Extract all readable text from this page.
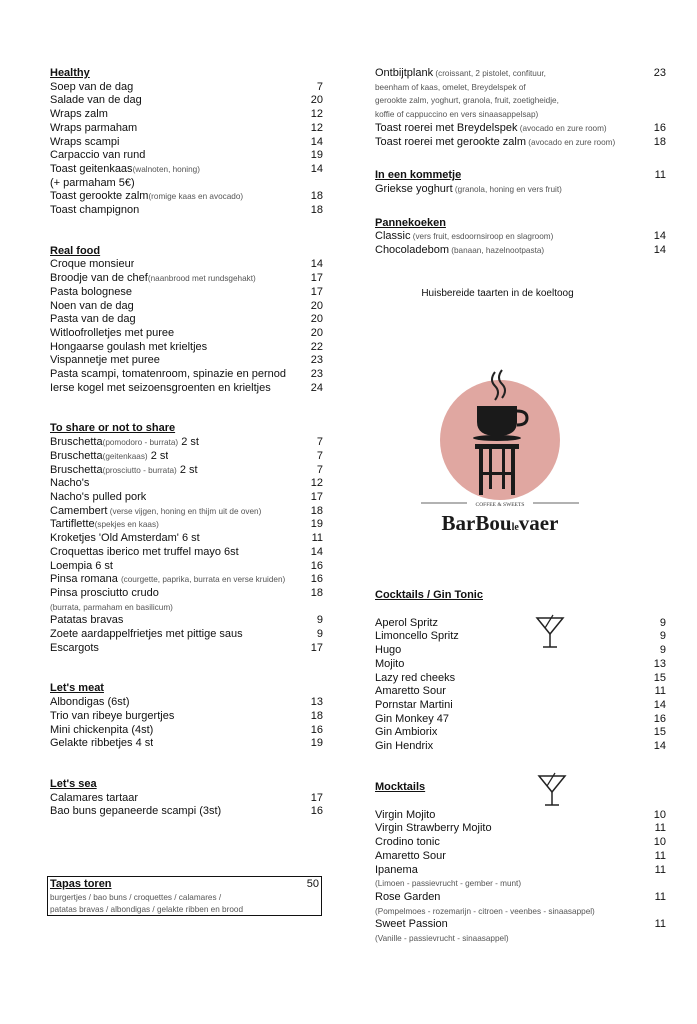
Healthy
Soep van de dag	7
Salade van de dag	20
Wraps zalm	12
Wraps parmaham	12
Wraps scampi	14
Carpaccio van rund	19
Toast geitenkaas(walnoten, honing)	14
(+ parmaham 5€)
Toast gerookte zalm(romige kaas en avocado)	18
Toast champignon	18
Real food
Croque monsieur	14
Broodje van de chef(naanbrood met rundsgehakt)	17
Pasta bolognese	17
Noen van de dag	20
Pasta van de dag	20
Witloofrolletjes met puree	20
Hongaarse goulash met krieltjes	22
Vispannetje met puree	23
Pasta scampi, tomatenroom, spinazie en pernod 23
Ierse kogel met seizoensgroenten en krieltjes	24
To share or not to share
Bruschetta(pomodoro - burrata) 2 st	7
Bruschetta(geitenkaas) 2 st	7
Bruschetta(prosciutto - burrata) 2 st	7
Nacho's	12
Nacho's pulled pork	17
Camembert (verse vijgen, honing en thijm uit de oven)	18
Tartiflette(spekjes en kaas)	19
Kroketjes 'Old Amsterdam' 6 st	11
Croquettas iberico met truffel mayo 6st	14
Loempia 6 st	16
Pinsa romana (courgette, paprika, burrata en verse kruiden) 16
Pinsa prosciutto crudo	18
(burrata, parmaham en basilicum)
Patatas bravas	9
Zoete aardappelfrietjes met pittige saus	9
Escargots	17
Let's meat
Albondigas (6st)	13
Trio van ribeye burgertjes	18
Mini chickenpita (4st)	16
Gelakte ribbetjes 4 st	19
Let's sea
Calamares tartaar	17
Bao buns gepaneerde scampi (3st)	16
Tapas toren	50
burgertjes / bao buns / croquettes / calamares /
patatas bravas / albondigas / gelakte ribben en brood
Ontbijtplank (croissant, 2 pistolet, confituur,	23
beenham of kaas, omelet, Breydelspek of
gerookte zalm, yoghurt, granola, fruit, zoetigheidje,
koffie of cappuccino en vers sinaasappelsap)
Toast roerei met Breydelspek (avocado en zure room)	16
Toast roerei met gerookte zalm (avocado en zure room)	18
In een kommetje	11
Griekse yoghurt (granola, honing en vers fruit)
Pannekoeken
Classic (vers fruit, esdoornsiroop en slagroom)	14
Chocoladebom (banaan, hazelnootpasta)	14
Huisbereide taarten in de koeltoog
COFFEE & SWEETS
BarBoulevaer
Cocktails / Gin Tonic
Aperol Spritz	9
Limoncello Spritz	9
Hugo	9
Mojito	13
Lazy red cheeks	15
Amaretto Sour	11
Pornstar Martini	14
Gin Monkey 47	16
Gin Ambiorix	15
Gin Hendrix	14
Mocktails
Virgin Mojito	10
Virgin Strawberry Mojito	11
Crodino tonic	10
Amaretto Sour	11
Ipanema	11
(Limoen - passievrucht - gember - munt)
Rose Garden	11
(Pompelmoes - rozemarijn - citroen - veenbes - sinaasappel)
Sweet Passion	11
(Vanille - passievrucht - sinaasappel)
